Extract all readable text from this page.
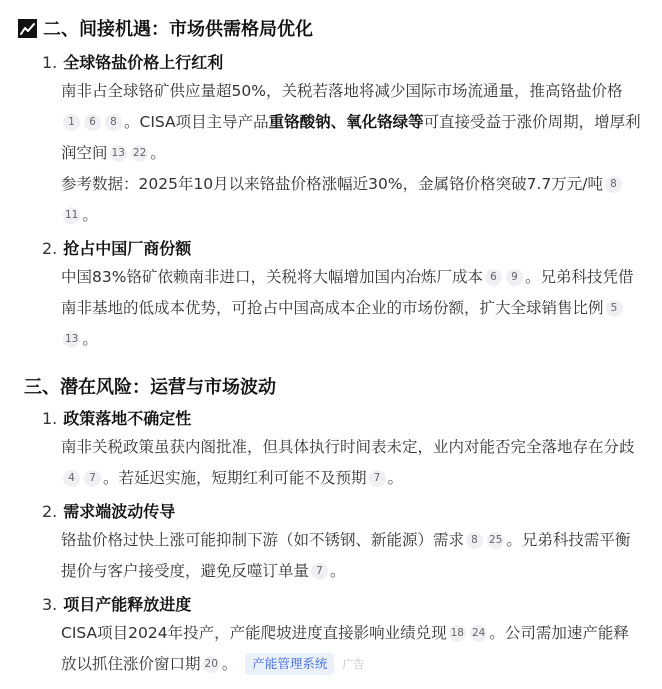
二、间接机遇：市场供需格局优化
1. 全球铬盐价格上行红利
南非占全球铬矿供应量超50%，关税若落地将减少国际市场流通量，推高铬盐价格1 6 8 。CISA项目主导产品重铬酸钠、氧化铬绿等可直接受益于涨价周期，增厚利润空间 13 22 。
参考数据：2025年10月以来铬盐价格涨幅近30%，金属铬价格突破7.7万元/吨 811 。
2. 抢占中国厂商份额
中国83%铬矿依赖南非进口，关税将大幅增加国内冶炼厂成本 6 9 。兄弟科技凭借南非基地的低成本优势，可抢占中国高成本企业的市场份额，扩大全球销售比例 513 。
三、潜在风险：运营与市场波动
1. 政策落地不确定性
南非关税政策虽获内阁批准，但具体执行时间表未定，业内对能否完全落地存在分歧4 7 。若延迟实施，短期红利可能不及预期 7 。
2. 需求端波动传导
铬盐价格过快上涨可能抑制下游（如不锈钢、新能源）需求 8 25 。兄弟科技需平衡提价与客户接受度，避免反噬订单量 7 。
3. 项目产能释放进度
CISA项目2024年投产，产能爬坡进度直接影响业绩兑现 18 24 。公司需加速产能释放以抓住涨价窗口期 20 。 产能管理系统 广告
